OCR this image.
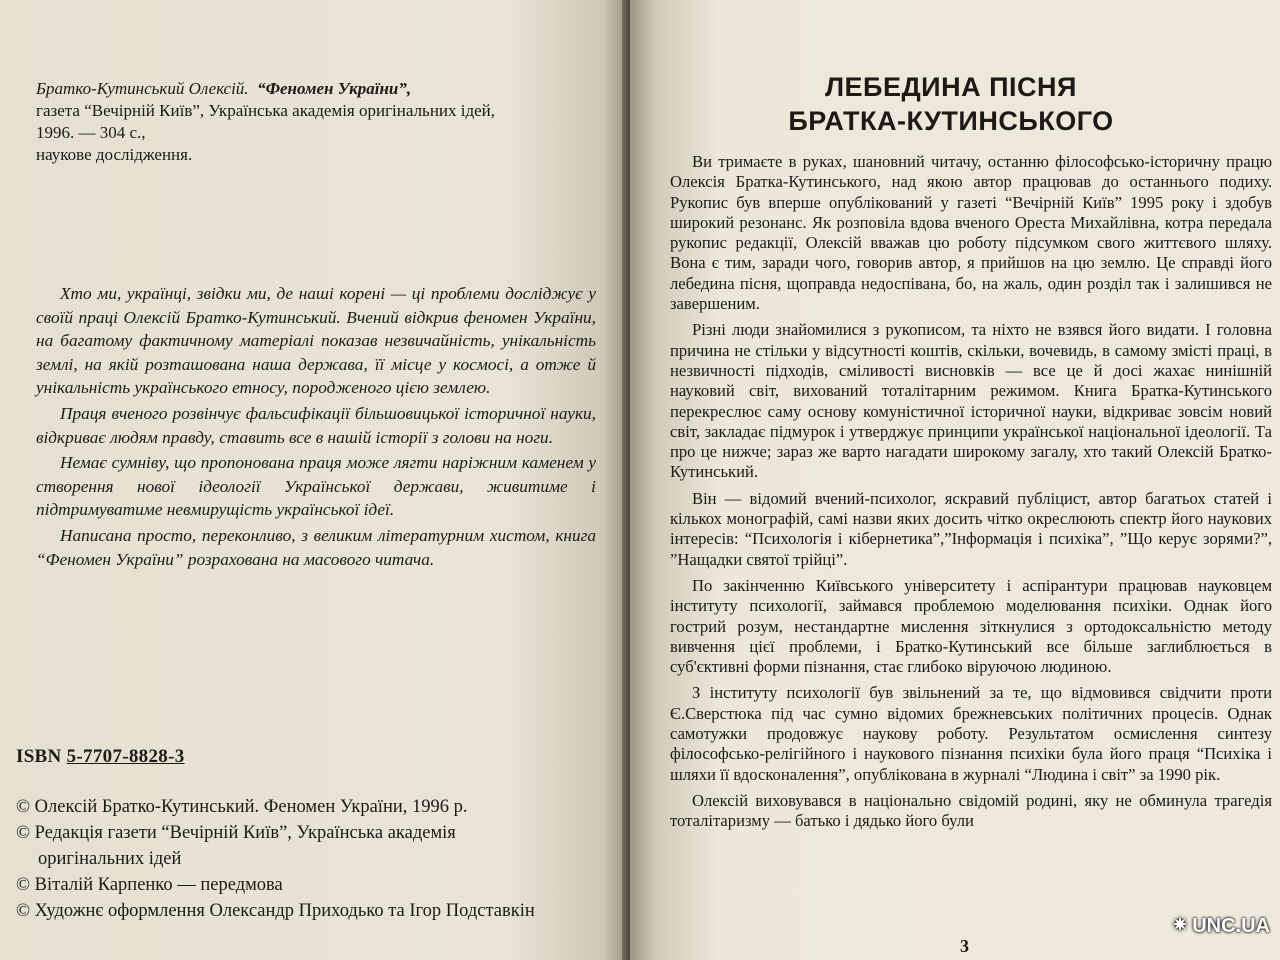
Братко-Кутинський Олексій. “Феномен України”,
газета “Вечірній Київ”, Українська академія оригінальних ідей,
1996. — 304 с.,
наукове дослідження.

Хто ми, українці, звідки ми, де наші корені — ці проблеми досліджує у своїй праці Олексій Братко-Кутинський. Вчений відкрив феномен України, на багатому фактичному матеріалі показав незвичайність, унікальність землі, на якій розташована наша держава, її місце у космосі, а отже й унікальність українського етносу, породженого цією землею.

Праця вченого розвінчує фальсифікації більшовицької історичної науки, відкриває людям правду, ставить все в нашій історії з голови на ноги.

Немає сумніву, що пропонована праця може лягти наріжним каменем у створення нової ідеології Української держави, живитиме і підтримуватиме невмирущість української ідеї.

Написана просто, переконливо, з великим літературним хистом, книга “Феномен України” розрахована на масового читача.

ISBN 5-7707-8828-3
© Олексій Братко-Кутинський. Феномен України, 1996 р.
© Редакція газети “Вечірній Київ”, Українська академія
оригінальних ідей
© Віталій Карпенко — передмова
© Художнє оформлення Олександр Приходько та Ігор Подставкін
ЛЕБЕДИНА ПІСНЯ
БРАТКА-КУТИНСЬКОГО

Ви тримаєте в руках, шановний читачу, останню філософсько-історичну працю Олексія Братка-Кутинського, над якою автор працював до останнього подиху. Рукопис був вперше опублікований у газеті “Вечірній Київ” 1995 року і здобув широкий резонанс. Як розповіла вдова вченого Ореста Михайлівна, котра передала рукопис редакції, Олексій вважав цю роботу підсумком свого життєвого шляху. Вона є тим, заради чого, говорив автор, я прийшов на цю землю. Це справді його лебедина пісня, щоправда недоспівана, бо, на жаль, один розділ так і залишився не завершеним.

Різні люди знайомилися з рукописом, та ніхто не взявся його видати. І головна причина не стільки у відсутності коштів, скільки, вочевидь, в самому змісті праці, в незвичності підходів, сміливості висновків — все це й досі жахає нинішній науковий світ, вихований тоталітарним режимом. Книга Братка-Кутинського перекреслює саму основу комуністичної історичної науки, відкриває зовсім новий світ, закладає підмурок і утверджує принципи української національної ідеології. Та про це нижче; зараз же варто нагадати широкому загалу, хто такий Олексій Братко-Кутинський.

Він — відомий вчений-психолог, яскравий публіцист, автор багатьох статей і кількох монографій, самі назви яких досить чітко окреслюють спектр його наукових інтересів: “Психологія і кібернетика”,”Інформація і психіка”, ”Що керує зорями?”, ”Нащадки святої трійці”.

По закінченню Київського університету і аспірантури працював науковцем інституту психології, займався проблемою моделювання психіки. Однак його гострий розум, нестандартне мислення зіткнулися з ортодоксальністю методу вивчення цієї проблеми, і Братко-Кутинський все більше заглиблюється в суб'єктивні форми пізнання, стає глибоко віруючою людиною.

З інституту психології був звільнений за те, що відмовився свідчити проти Є.Сверстюка під час сумно відомих брежневських політичних процесів. Однак самотужки продовжує наукову роботу. Результатом осмислення синтезу філософсько-релігійного і наукового пізнання психіки була його праця “Психіка і шляхи її вдосконалення”, опублікована в журналі “Людина і світ” за 1990 рік.

Олексій виховувався в національно свідомій родині, яку не обминула трагедія тоталітаризму — батько і дядько його були

3
✷ UNC.UA
